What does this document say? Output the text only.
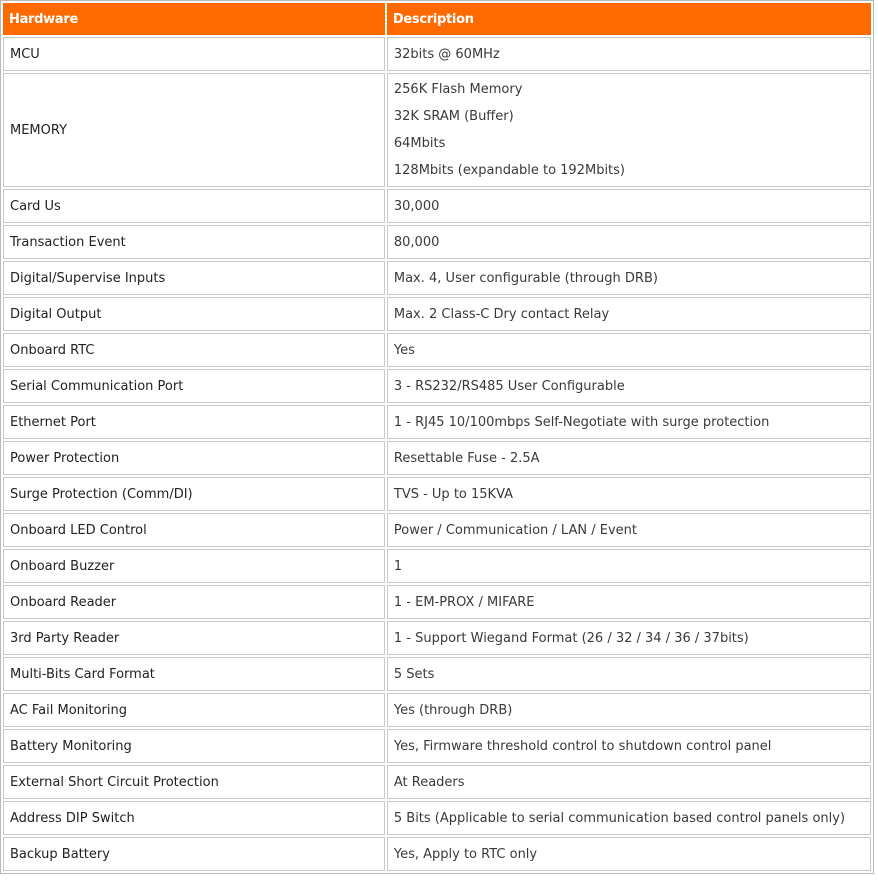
Hardware	Description
MCU	32bits @ 60MHz

MEMORY	256K Flash Memory
32K SRAM (Buffer)
64Mbits
128Mbits (expandable to 192Mbits)

Card Us	30,000

Transaction Event	80,000

Digital/Supervise Inputs	Max. 4, User configurable (through DRB)

Digital Output	Max. 2 Class-C Dry contact Relay

Onboard RTC	Yes

Serial Communication Port	3 - RS232/RS485 User Configurable

Ethernet Port	1 - RJ45 10/100mbps Self-Negotiate with surge protection

Power Protection	Resettable Fuse - 2.5A

Surge Protection (Comm/DI)	TVS - Up to 15KVA

Onboard LED Control	Power / Communication / LAN / Event

Onboard Buzzer	1

Onboard Reader	1 - EM-PROX / MIFARE

3rd Party Reader	1 - Support Wiegand Format (26 / 32 / 34 / 36 / 37bits)

Multi-Bits Card Format	5 Sets

AC Fail Monitoring	Yes (through DRB)

Battery Monitoring	Yes, Firmware threshold control to shutdown control panel

External Short Circuit Protection	At Readers

Address DIP Switch	5 Bits (Applicable to serial communication based control panels only)

Backup Battery	Yes, Apply to RTC only
